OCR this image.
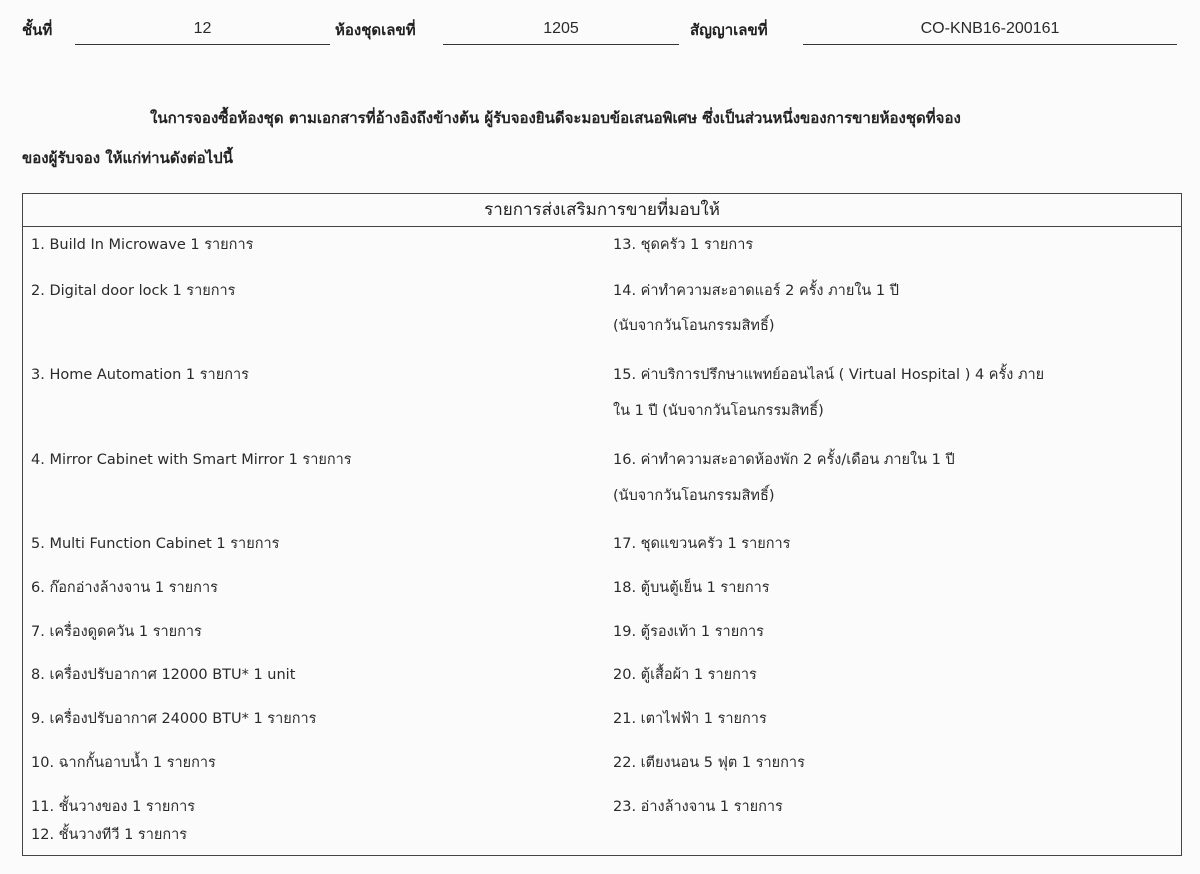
ชั้นที่	12	ห้องชุดเลขที่	1205	สัญญาเลขที่	CO-KNB16-200161
ในการจองซื้อห้องชุด ตามเอกสารที่อ้างอิงถึงข้างต้น ผู้รับจองยินดีจะมอบข้อเสนอพิเศษ ซึ่งเป็นส่วนหนึ่งของการขายห้องชุดที่จอง
ของผู้รับจอง ให้แก่ท่านดังต่อไปนี้
รายการส่งเสริมการขายที่มอบให้
1. Build In Microwave 1 รายการ
2. Digital door lock 1 รายการ
3. Home Automation 1 รายการ
4. Mirror Cabinet with Smart Mirror 1 รายการ
5. Multi Function Cabinet 1 รายการ
6. ก๊อกอ่างล้างจาน 1 รายการ
7. เครื่องดูดควัน 1 รายการ
8. เครื่องปรับอากาศ 12000 BTU* 1 unit
9. เครื่องปรับอากาศ 24000 BTU* 1 รายการ
10. ฉากกั้นอาบน้ำ 1 รายการ
11. ชั้นวางของ 1 รายการ
12. ชั้นวางทีวี 1 รายการ
13. ชุดครัว 1 รายการ
14. ค่าทำความสะอาดแอร์ 2 ครั้ง ภายใน 1 ปี
(นับจากวันโอนกรรมสิทธิ์)
15. ค่าบริการปรึกษาแพทย์ออนไลน์ ( Virtual Hospital ) 4 ครั้ง ภาย
ใน 1 ปี (นับจากวันโอนกรรมสิทธิ์)
16. ค่าทำความสะอาดห้องพัก 2 ครั้ง/เดือน ภายใน 1 ปี
(นับจากวันโอนกรรมสิทธิ์)
17. ชุดแขวนครัว 1 รายการ
18. ตู้บนตู้เย็น 1 รายการ
19. ตู้รองเท้า 1 รายการ
20. ตู้เสื้อผ้า 1 รายการ
21. เตาไฟฟ้า 1 รายการ
22. เตียงนอน 5 ฟุต 1 รายการ
23. อ่างล้างจาน 1 รายการ
